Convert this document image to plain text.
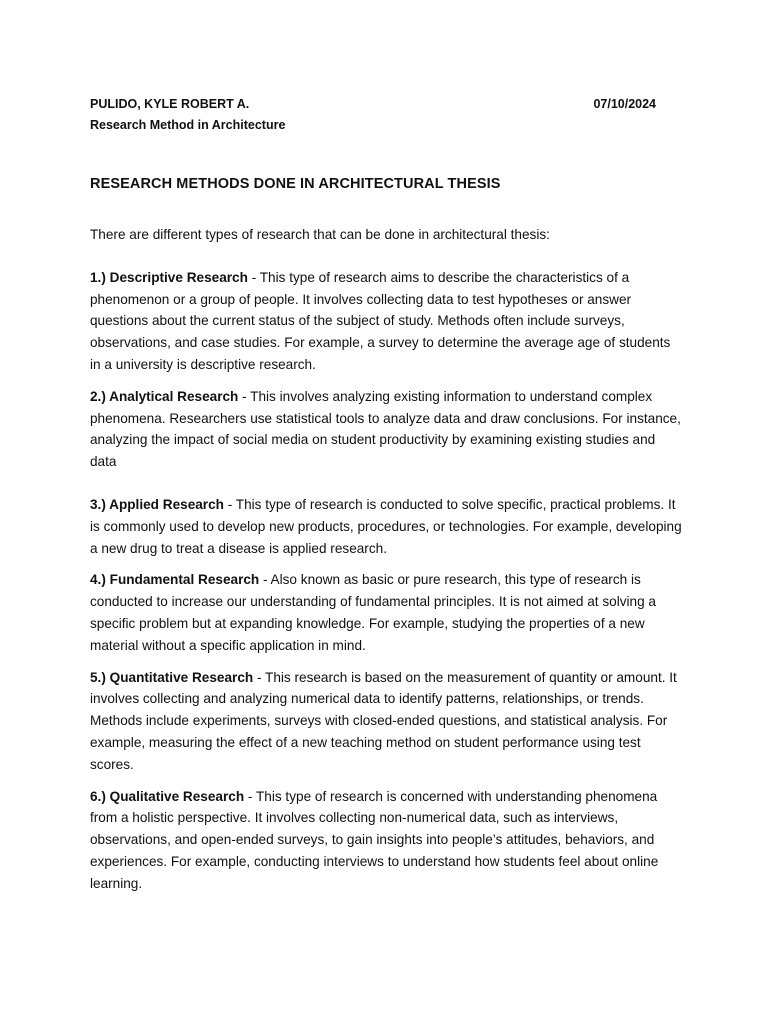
PULIDO, KYLE ROBERT A.	07/10/2024
Research Method in Architecture
RESEARCH METHODS DONE IN ARCHITECTURAL THESIS

There are different types of research that can be done in architectural thesis:

1.) Descriptive Research - This type of research aims to describe the characteristics of a phenomenon or a group of people. It involves collecting data to test hypotheses or answer questions about the current status of the subject of study. Methods often include surveys, observations, and case studies. For example, a survey to determine the average age of students in a university is descriptive research.

2.) Analytical Research - This involves analyzing existing information to understand complex phenomena. Researchers use statistical tools to analyze data and draw conclusions. For instance, analyzing the impact of social media on student productivity by examining existing studies and data

3.) Applied Research - This type of research is conducted to solve specific, practical problems. It is commonly used to develop new products, procedures, or technologies. For example, developing a new drug to treat a disease is applied research.

4.) Fundamental Research - Also known as basic or pure research, this type of research is conducted to increase our understanding of fundamental principles. It is not aimed at solving a specific problem but at expanding knowledge. For example, studying the properties of a new material without a specific application in mind.

5.) Quantitative Research - This research is based on the measurement of quantity or amount. It involves collecting and analyzing numerical data to identify patterns, relationships, or trends. Methods include experiments, surveys with closed-ended questions, and statistical analysis. For example, measuring the effect of a new teaching method on student performance using test scores.

6.) Qualitative Research - This type of research is concerned with understanding phenomena from a holistic perspective. It involves collecting non-numerical data, such as interviews, observations, and open-ended surveys, to gain insights into people’s attitudes, behaviors, and experiences. For example, conducting interviews to understand how students feel about online learning.
